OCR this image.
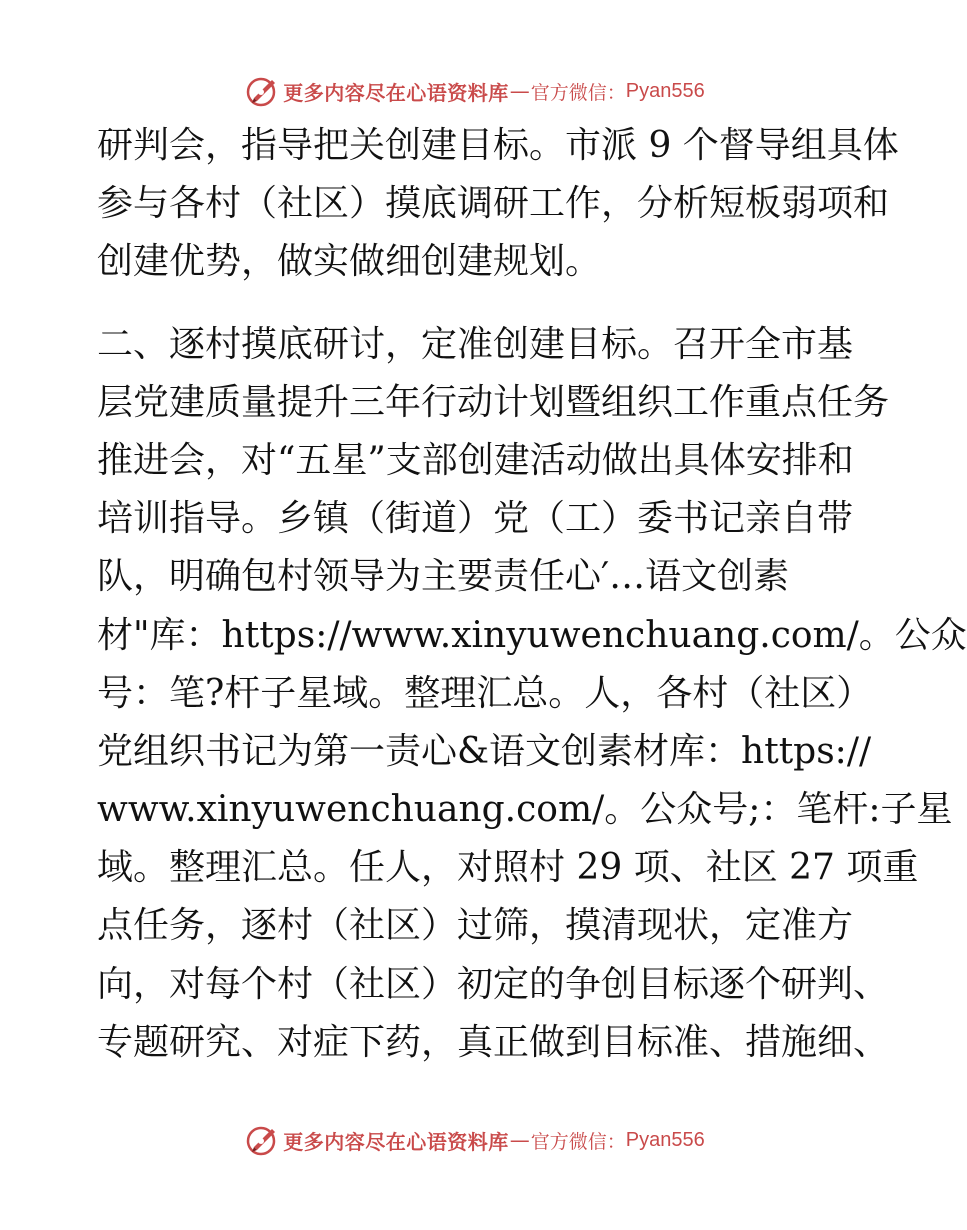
更多内容尽在心语资料库 — 官方微信： Pyan556
研判会，指导把关创建目标。市派 9 个督导组具体
参与各村（社区）摸底调研工作，分析短板弱项和
创建优势，做实做细创建规划。
二、逐村摸底研讨，定准创建目标。召开全市基
层党建质量提升三年行动计划暨组织工作重点任务
推进会，对“五星”支部创建活动做出具体安排和
培训指导。乡镇（街道）党（工）委书记亲自带
队，明确包村领导为主要责任心′…语文创素
材"库：https://www.xinyuwenchuang.com/。公众
号：笔?杆子星域。整理汇总。人，各村（社区）
党组织书记为第一责心&语文创素材库：https://
www.xinyuwenchuang.com/。公众号;：笔杆:子星
域。整理汇总。任人，对照村 29 项、社区 27 项重
点任务，逐村（社区）过筛，摸清现状，定准方
向，对每个村（社区）初定的争创目标逐个研判、
专题研究、对症下药，真正做到目标准、措施细、
更多内容尽在心语资料库 — 官方微信： Pyan556
